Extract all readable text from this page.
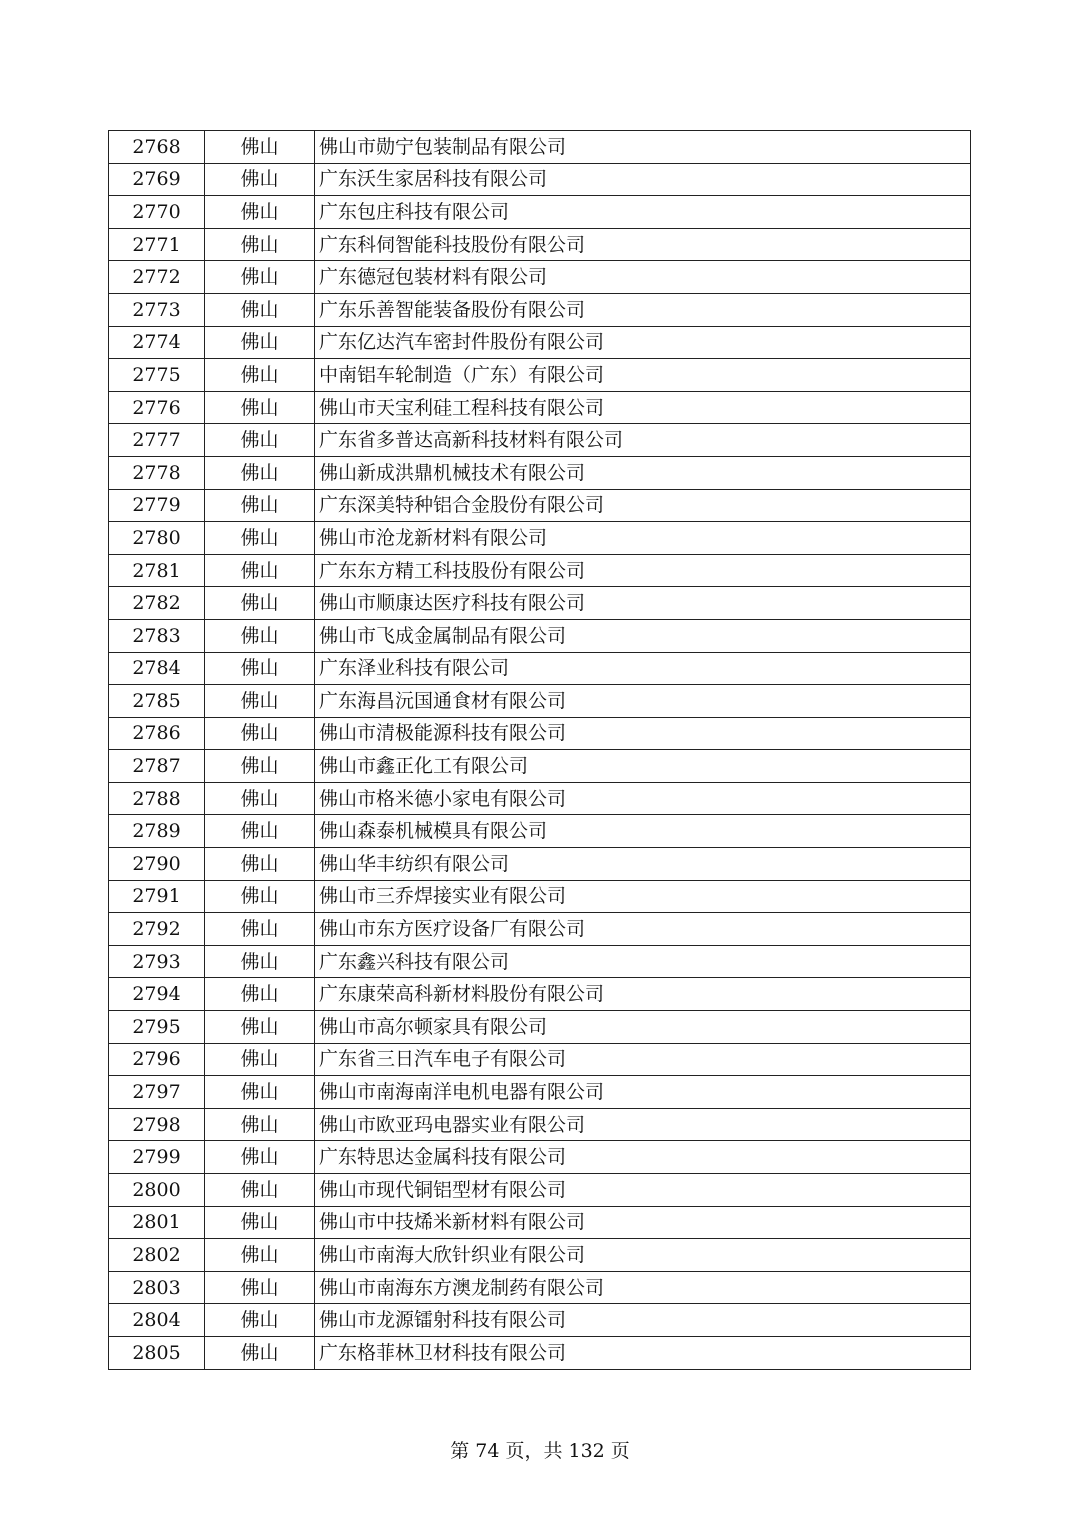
2768	佛山	佛山市勋宁包装制品有限公司
2769	佛山	广东沃生家居科技有限公司
2770	佛山	广东包庄科技有限公司
2771	佛山	广东科伺智能科技股份有限公司
2772	佛山	广东德冠包装材料有限公司
2773	佛山	广东乐善智能装备股份有限公司
2774	佛山	广东亿达汽车密封件股份有限公司
2775	佛山	中南铝车轮制造（广东）有限公司
2776	佛山	佛山市天宝利硅工程科技有限公司
2777	佛山	广东省多普达高新科技材料有限公司
2778	佛山	佛山新成洪鼎机械技术有限公司
2779	佛山	广东深美特种铝合金股份有限公司
2780	佛山	佛山市沧龙新材料有限公司
2781	佛山	广东东方精工科技股份有限公司
2782	佛山	佛山市顺康达医疗科技有限公司
2783	佛山	佛山市飞成金属制品有限公司
2784	佛山	广东泽业科技有限公司
2785	佛山	广东海昌沅国通食材有限公司
2786	佛山	佛山市清极能源科技有限公司
2787	佛山	佛山市鑫正化工有限公司
2788	佛山	佛山市格米德小家电有限公司
2789	佛山	佛山森泰机械模具有限公司
2790	佛山	佛山华丰纺织有限公司
2791	佛山	佛山市三乔焊接实业有限公司
2792	佛山	佛山市东方医疗设备厂有限公司
2793	佛山	广东鑫兴科技有限公司
2794	佛山	广东康荣高科新材料股份有限公司
2795	佛山	佛山市高尔顿家具有限公司
2796	佛山	广东省三日汽车电子有限公司
2797	佛山	佛山市南海南洋电机电器有限公司
2798	佛山	佛山市欧亚玛电器实业有限公司
2799	佛山	广东特思达金属科技有限公司
2800	佛山	佛山市现代铜铝型材有限公司
2801	佛山	佛山市中技烯米新材料有限公司
2802	佛山	佛山市南海大欣针织业有限公司
2803	佛山	佛山市南海东方澳龙制药有限公司
2804	佛山	佛山市龙源镭射科技有限公司
2805	佛山	广东格菲林卫材科技有限公司
第 74 页，共 132 页
